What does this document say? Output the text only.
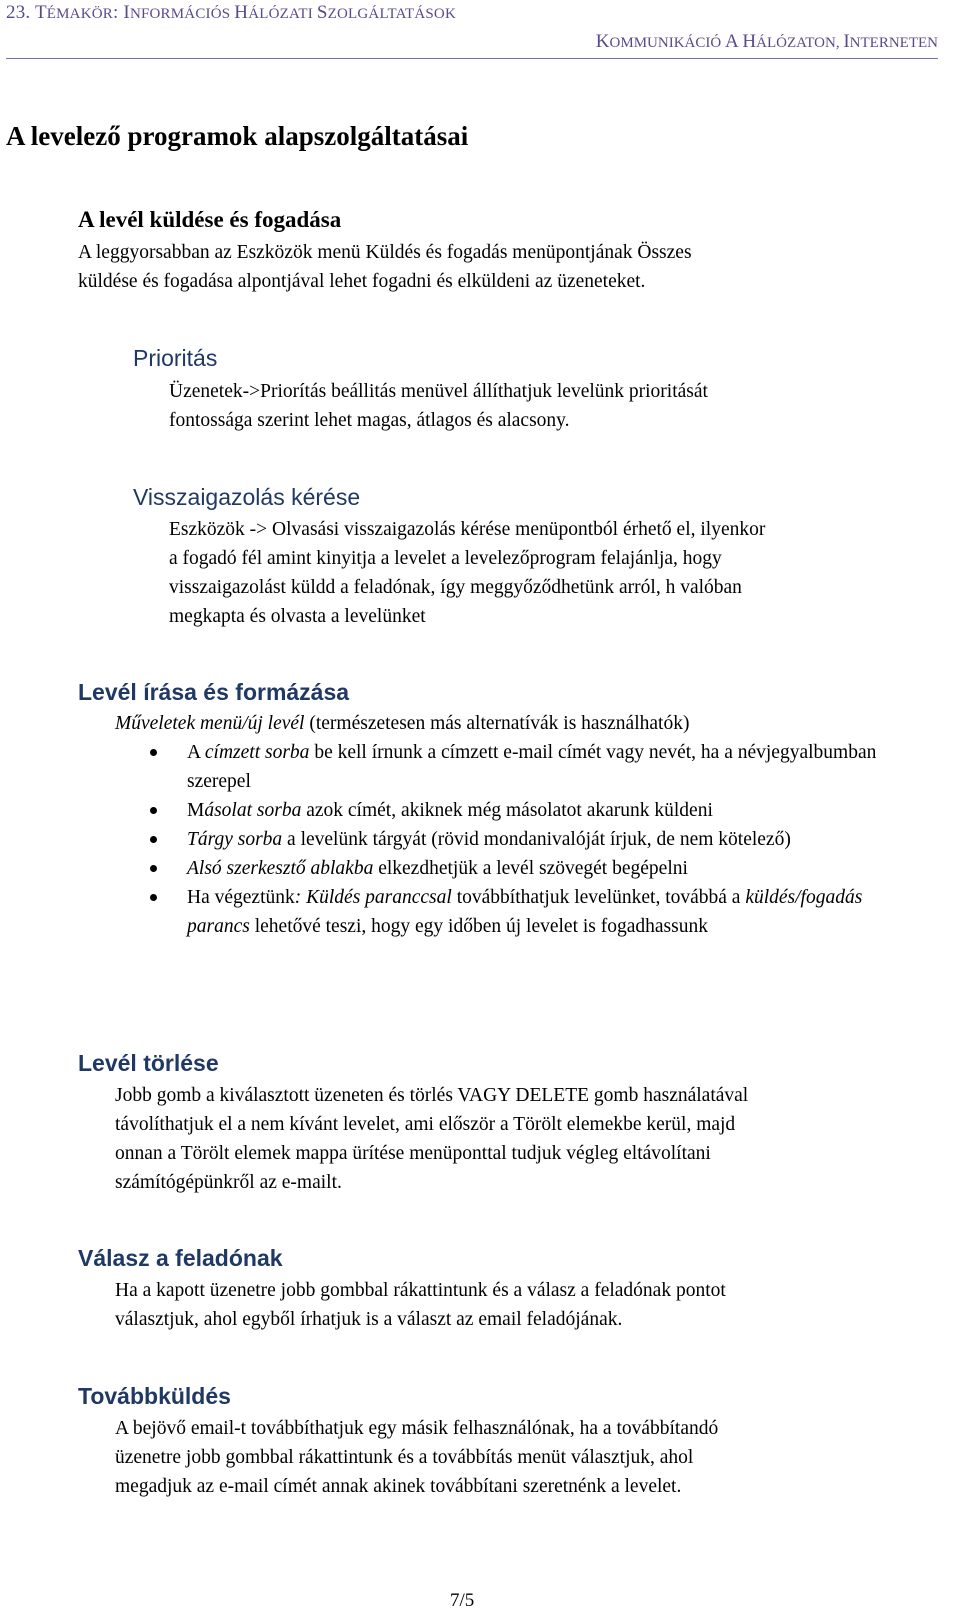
23. TÉMAKÖR: INFORMÁCIÓS HÁLÓZATI SZOLGÁLTATÁSOK
KOMMUNIKÁCIÓ A HÁLÓZATON, INTERNETEN
A levelező programok alapszolgáltatásai
A levél küldése és fogadása
A leggyorsabban az Eszközök menü Küldés és fogadás menüpontjának Összes
küldése és fogadása alpontjával lehet fogadni és elküldeni az üzeneteket.
Prioritás
Üzenetek->Priorítás beállitás menüvel állíthatjuk levelünk prioritását
fontossága szerint lehet magas, átlagos és alacsony.
Visszaigazolás kérése
Eszközök -> Olvasási visszaigazolás kérése menüpontból érhető el, ilyenkor
a fogadó fél amint kinyitja a levelet a levelezőprogram felajánlja, hogy
visszaigazolást küldd a feladónak, így meggyőződhetünk arról, h valóban
megkapta és olvasta a levelünket
Levél írása és formázása
Műveletek menü/új levél (természetesen más alternatívák is használhatók)
A címzett sorba be kell írnunk a címzett e-mail címét vagy nevét, ha a névjegyalbumban szerepel
Másolat sorba azok címét, akiknek még másolatot akarunk küldeni
Tárgy sorba a levelünk tárgyát (rövid mondanivalóját írjuk, de nem kötelező)
Alsó szerkesztő ablakba elkezdhetjük a levél szövegét begépelni
Ha végeztünk: Küldés paranccsal továbbíthatjuk levelünket, továbbá a küldés/fogadás parancs lehetővé teszi, hogy egy időben új levelet is fogadhassunk
Levél törlése
Jobb gomb a kiválasztott üzeneten és törlés VAGY DELETE gomb használatával
távolíthatjuk el a nem kívánt levelet, ami először a Törölt elemekbe kerül, majd
onnan a Törölt elemek mappa ürítése menüponttal tudjuk végleg eltávolítani
számítógépünkről az e-mailt.
Válasz a feladónak
Ha a kapott üzenetre jobb gombbal rákattintunk és a válasz a feladónak pontot
választjuk, ahol egyből írhatjuk is a választ az email feladójának.
Továbbküldés
A bejövő email-t továbbíthatjuk egy másik felhasználónak, ha a továbbítandó
üzenetre jobb gombbal rákattintunk és a továbbítás menüt választjuk, ahol
megadjuk az e-mail címét annak akinek továbbítani szeretnénk a levelet.
7/5
